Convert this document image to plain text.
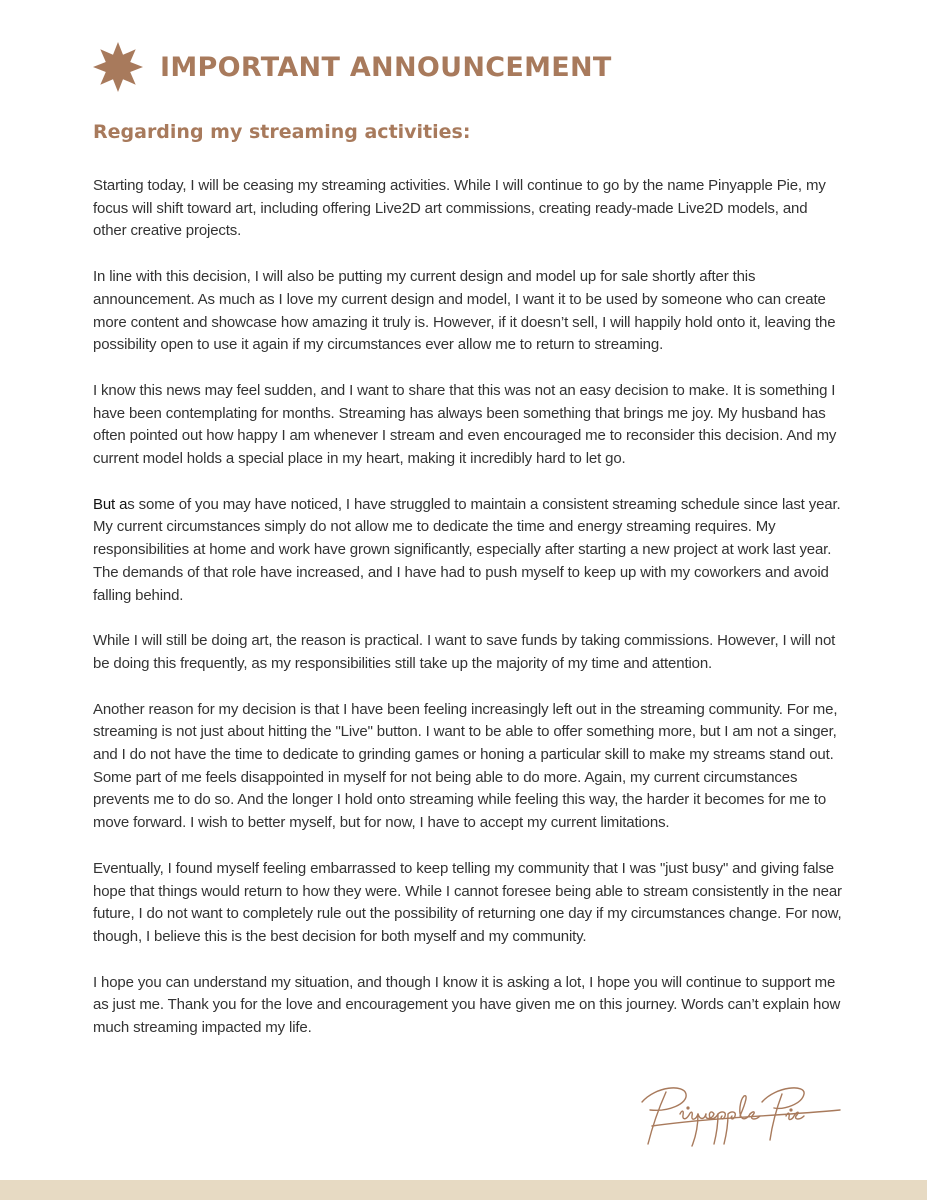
IMPORTANT ANNOUNCEMENT
Regarding my streaming activities:

Starting today, I will be ceasing my streaming activities. While I will continue to go by the name Pinyapple Pie, my focus will shift toward art, including offering Live2D art commissions, creating ready-made Live2D models, and other creative projects.

In line with this decision, I will also be putting my current design and model up for sale shortly after this announcement. As much as I love my current design and model, I want it to be used by someone who can create more content and showcase how amazing it truly is. However, if it doesn’t sell, I will happily hold onto it, leaving the possibility open to use it again if my circumstances ever allow me to return to streaming.

I know this news may feel sudden, and I want to share that this was not an easy decision to make. It is something I have been contemplating for months. Streaming has always been something that brings me joy. My husband has often pointed out how happy I am whenever I stream and even encouraged me to reconsider this decision. And my current model holds a special place in my heart, making it incredibly hard to let go.

But as some of you may have noticed, I have struggled to maintain a consistent streaming schedule since last year. My current circumstances simply do not allow me to dedicate the time and energy streaming requires. My responsibilities at home and work have grown significantly, especially after starting a new project at work last year. The demands of that role have increased, and I have had to push myself to keep up with my coworkers and avoid falling behind.

While I will still be doing art, the reason is practical. I want to save funds by taking commissions. However, I will not be doing this frequently, as my responsibilities still take up the majority of my time and attention.

Another reason for my decision is that I have been feeling increasingly left out in the streaming community. For me, streaming is not just about hitting the "Live" button. I want to be able to offer something more, but I am not a singer, and I do not have the time to dedicate to grinding games or honing a particular skill to make my streams stand out. Some part of me feels disappointed in myself for not being able to do more. Again, my current circumstances prevents me to do so. And the longer I hold onto streaming while feeling this way, the harder it becomes for me to move forward. I wish to better myself, but for now, I have to accept my current limitations.

Eventually, I found myself feeling embarrassed to keep telling my community that I was "just busy" and giving false hope that things would return to how they were. While I cannot foresee being able to stream consistently in the near future, I do not want to completely rule out the possibility of returning one day if my circumstances change. For now, though, I believe this is the best decision for both myself and my community.

I hope you can understand my situation, and though I know it is asking a lot, I hope you will continue to support me as just me. Thank you for the love and encouragement you have given me on this journey. Words can’t explain how much streaming impacted my life.
